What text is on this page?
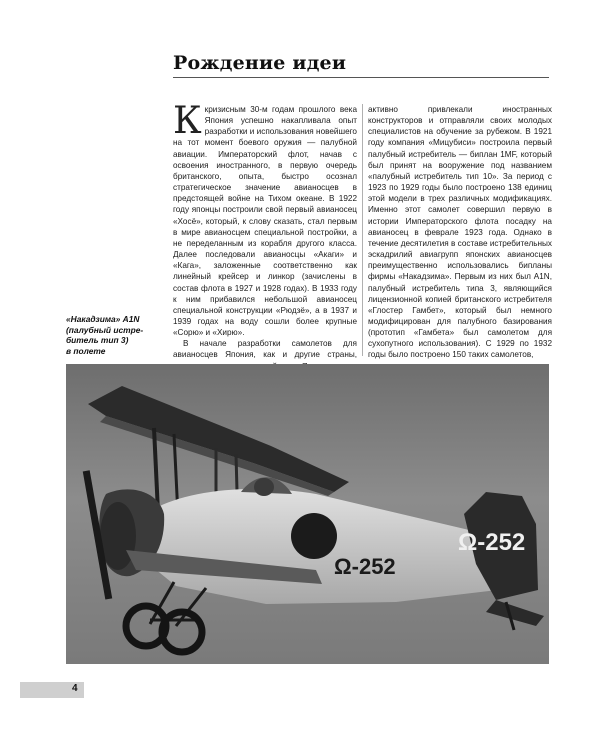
Рождение идеи
«Накадзима» A1N
(палубный истре-
битель тип 3)
в полете

Ккризисным 30-м годам прошлого века Япония успешно накапливала опыт разработки и использования новейшего на тот момент боевого оружия — палубной авиации. Императорский флот, начав с освоения иностранного, в первую очередь британского, опыта, быстро осознал стратегическое значение авианосцев в предстоящей войне на Тихом океане. В 1922 году японцы построили свой первый авианосец «Хосё», который, к слову сказать, стал первым в мире авианосцем специальной постройки, а не переделанным из корабля другого класса. Далее последовали авианосцы «Акаги» и «Кага», заложенные соответственно как линейный крейсер и линкор (зачислены в состав флота в 1927 и 1928 годах). В 1933 году к ним прибавился небольшой авианосец специальной конструкции «Рюдзё», а в 1937 и 1939 годах на воду сошли более крупные «Сорю» и «Хирю».

В начале разработки самолетов для авианосцев Япония, как и другие страны,

активно привлекали иностранных конструкторов и отправляли своих молодых специалистов на обучение за рубежом. В 1921 году компания «Мицубиси» построила первый палубный истребитель — биплан 1MF, который был принят на вооружение под названием «палубный истребитель тип 10». За период с 1923 по 1929 годы было построено 138 единиц этой модели в трех различных модификациях. Именно этот самолет совершил первую в истории Императорского флота посадку на авианосец в феврале 1923 года. Однако в течение десятилетия в составе истребительных эскадрилий авиагрупп японских авианосцев преимущественно использовались бипланы фирмы «Накадзима». Первым из них был A1N, палубный истребитель типа 3, являющийся лицензионной копией британского истребителя «Глостер Гамбет», который был немного модифицирован для палубного базирования (прототип «Гамбета» был самолетом для сухопутного использования). С 1929 по 1932 годы было построено 150 таких самолетов,

Ω-252
Ω-252
4
